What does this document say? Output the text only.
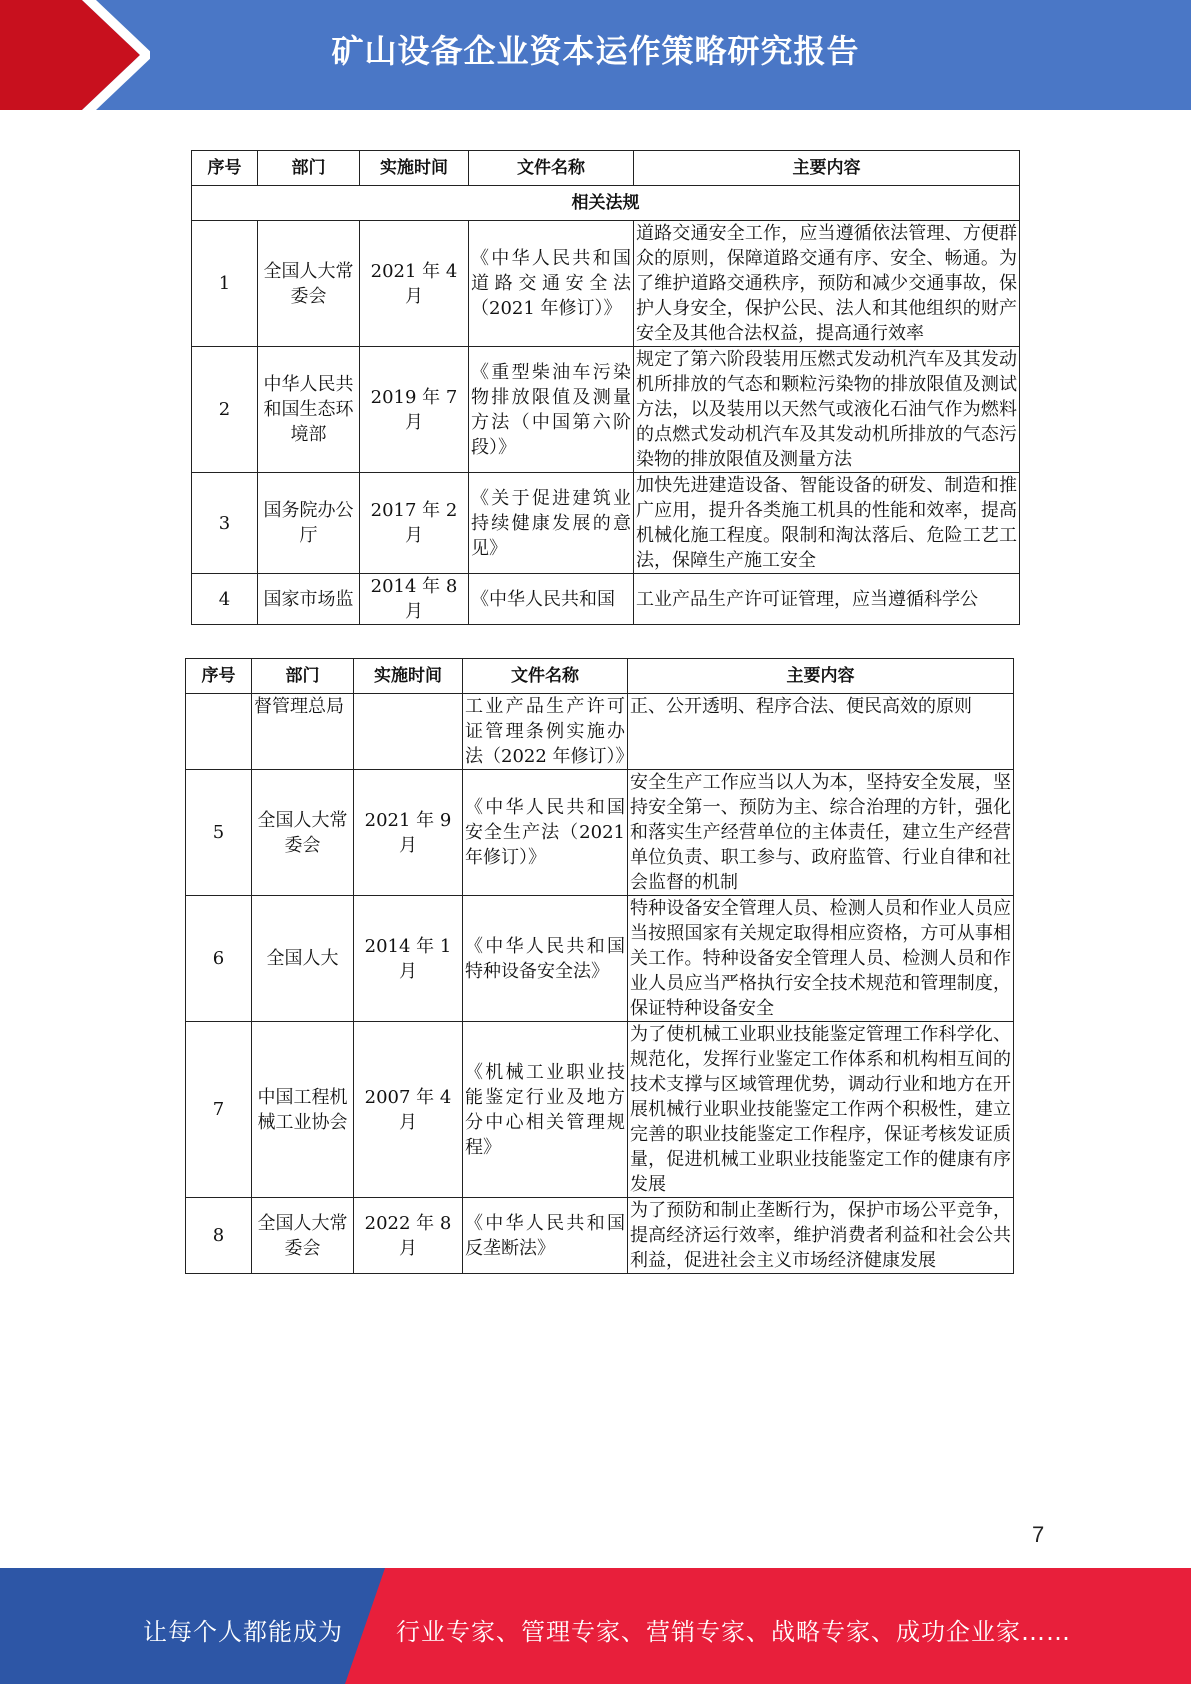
矿山设备企业资本运作策略研究报告
序号	部门	实施时间	文件名称	主要内容
相关法规				
1	全国人大常委会	2021 年 4 月	《中华人民共和国道路交通安全法（2021 年修订）》	道路交通安全工作，应当遵循依法管理、方便群众的原则，保障道路交通有序、安全、畅通。为了维护道路交通秩序，预防和减少交通事故，保护人身安全，保护公民、法人和其他组织的财产安全及其他合法权益，提高通行效率
2	中华人民共和国生态环境部	2019 年 7 月	《重型柴油车污染物排放限值及测量方法（中国第六阶段）》	规定了第六阶段装用压燃式发动机汽车及其发动机所排放的气态和颗粒污染物的排放限值及测试方法，以及装用以天然气或液化石油气作为燃料的点燃式发动机汽车及其发动机所排放的气态污染物的排放限值及测量方法
3	国务院办公厅	2017 年 2 月	《关于促进建筑业持续健康发展的意见》	加快先进建造设备、智能设备的研发、制造和推广应用，提升各类施工机具的性能和效率，提高机械化施工程度。限制和淘汰落后、危险工艺工法，保障生产施工安全
4	国家市场监	2014 年 8 月	《中华人民共和国	工业产品生产许可证管理，应当遵循科学公
序号	部门	实施时间	文件名称	主要内容
	督管理总局		工业产品生产许可证管理条例实施办法（2022 年修订）》	正、公开透明、程序合法、便民高效的原则
5	全国人大常委会	2021 年 9 月	《中华人民共和国安全生产法（2021 年修订）》	安全生产工作应当以人为本，坚持安全发展，坚持安全第一、预防为主、综合治理的方针，强化和落实生产经营单位的主体责任，建立生产经营单位负责、职工参与、政府监管、行业自律和社会监督的机制
6	全国人大	2014 年 1 月	《中华人民共和国特种设备安全法》	特种设备安全管理人员、检测人员和作业人员应当按照国家有关规定取得相应资格，方可从事相关工作。特种设备安全管理人员、检测人员和作业人员应当严格执行安全技术规范和管理制度，保证特种设备安全
7	中国工程机械工业协会	2007 年 4 月	《机械工业职业技能鉴定行业及地方分中心相关管理规程》	为了使机械工业职业技能鉴定管理工作科学化、规范化，发挥行业鉴定工作体系和机构相互间的技术支撑与区域管理优势，调动行业和地方在开展机械行业职业技能鉴定工作两个积极性，建立完善的职业技能鉴定工作程序，保证考核发证质量，促进机械工业职业技能鉴定工作的健康有序发展
8	全国人大常委会	2022 年 8 月	《中华人民共和国反垄断法》	为了预防和制止垄断行为，保护市场公平竞争，提高经济运行效率，维护消费者利益和社会公共利益，促进社会主义市场经济健康发展
7
让每个人都能成为 行业专家、管理专家、营销专家、战略专家、成功企业家……
